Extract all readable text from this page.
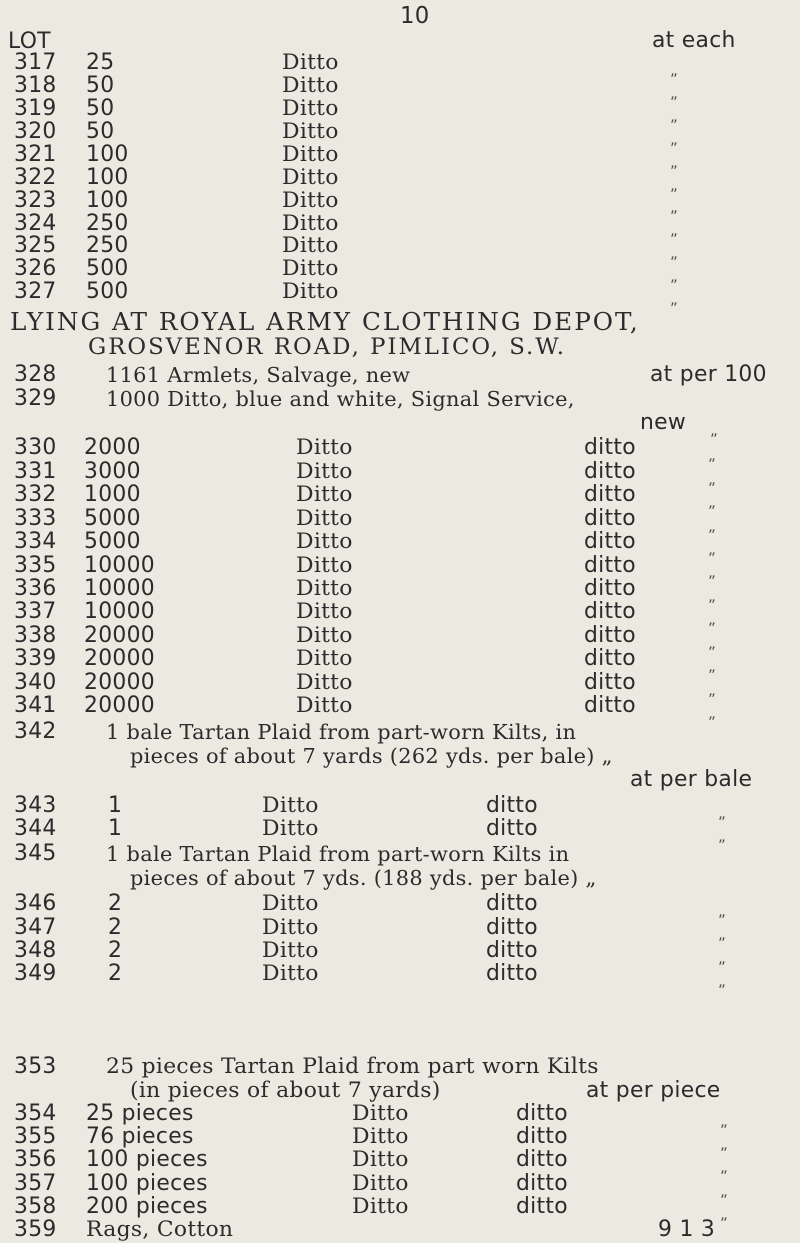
10
LOT	at each
317 25	Ditto	„
318 50	Ditto	„
319 50	Ditto	„
320 50	Ditto	„
321 100	Ditto	„
322 100	Ditto	„
323 100	Ditto	„
324 250	Ditto	„
325 250	Ditto	„
326 500	Ditto	„
327 500	Ditto	„
LYING AT ROYAL ARMY CLOTHING DEPOT,
GROSVENOR ROAD, PIMLICO, S.W.
328 1161 Armlets, Salvage, new	at per 100
329 1000 Ditto, blue and white, Signal Service,
new „
330 2000	Ditto	ditto	„
331 3000	Ditto	ditto	„
332 1000	Ditto	ditto	„
333 5000	Ditto	ditto	„
334 5000	Ditto	ditto	„
335 10000	Ditto	ditto	„
336 10000	Ditto	ditto	„
337 10000	Ditto	ditto	„
338 20000	Ditto	ditto	„
339 20000	Ditto	ditto	„
340 20000	Ditto	ditto	„
341 20000	Ditto	ditto	„
342 1 bale Tartan Plaid from part-worn Kilts, in
pieces of about 7 yards (262 yds. per bale) „
at per bale
343 1	Ditto	ditto	„
344 1	Ditto	ditto	„
345 1 bale Tartan Plaid from part-worn Kilts in
pieces of about 7 yds. (188 yds. per bale) „
346 2	Ditto	ditto	„
347 2	Ditto	ditto	„
348 2	Ditto	ditto	„
349 2	Ditto	ditto	„
353 25 pieces Tartan Plaid from part worn Kilts
(in pieces of about 7 yards)	at per piece
354 25 pieces	Ditto	ditto	„
355 76 pieces	Ditto	ditto	„
356 100 pieces	Ditto	ditto	„
357 100 pieces	Ditto	ditto	„
358 200 pieces	Ditto	ditto	„
359 Rags, Cotton	9 1 3
